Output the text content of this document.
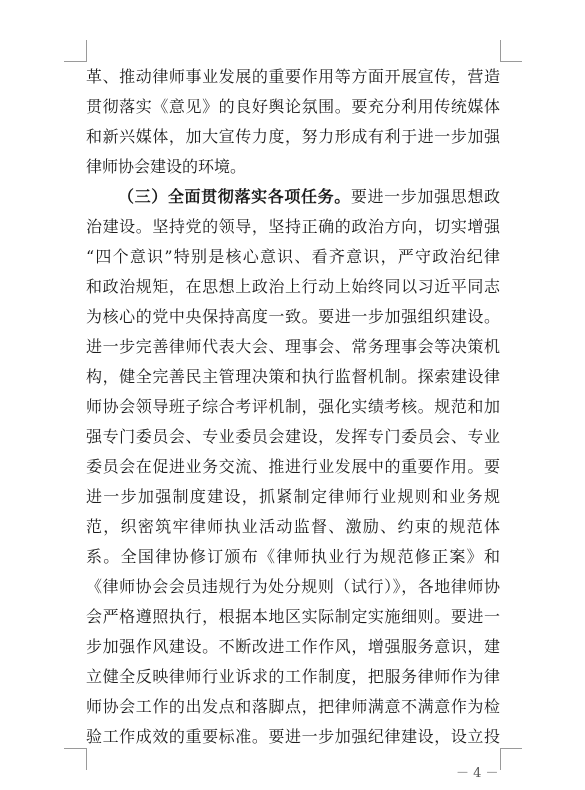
革、推动律师事业发展的重要作用等方面开展宣传，营造
贯彻落实《意见》的良好舆论氛围。要充分利用传统媒体
和新兴媒体，加大宣传力度，努力形成有利于进一步加强
律师协会建设的环境。
（三）全面贯彻落实各项任务。要进一步加强思想政
治建设。坚持党的领导，坚持正确的政治方向，切实增强
“四个意识”特别是核心意识、看齐意识，严守政治纪律
和政治规矩，在思想上政治上行动上始终同以习近平同志
为核心的党中央保持高度一致。要进一步加强组织建设。
进一步完善律师代表大会、理事会、常务理事会等决策机
构，健全完善民主管理决策和执行监督机制。探索建设律
师协会领导班子综合考评机制，强化实绩考核。规范和加
强专门委员会、专业委员会建设，发挥专门委员会、专业
委员会在促进业务交流、推进行业发展中的重要作用。要
进一步加强制度建设，抓紧制定律师行业规则和业务规
范，织密筑牢律师执业活动监督、激励、约束的规范体
系。全国律协修订颁布《律师执业行为规范修正案》和
《律师协会会员违规行为处分规则（试行）》，各地律师协
会严格遵照执行，根据本地区实际制定实施细则。要进一
步加强作风建设。不断改进工作作风，增强服务意识，建
立健全反映律师行业诉求的工作制度，把服务律师作为律
师协会工作的出发点和落脚点，把律师满意不满意作为检
验工作成效的重要标准。要进一步加强纪律建设，设立投
－ 4 －
